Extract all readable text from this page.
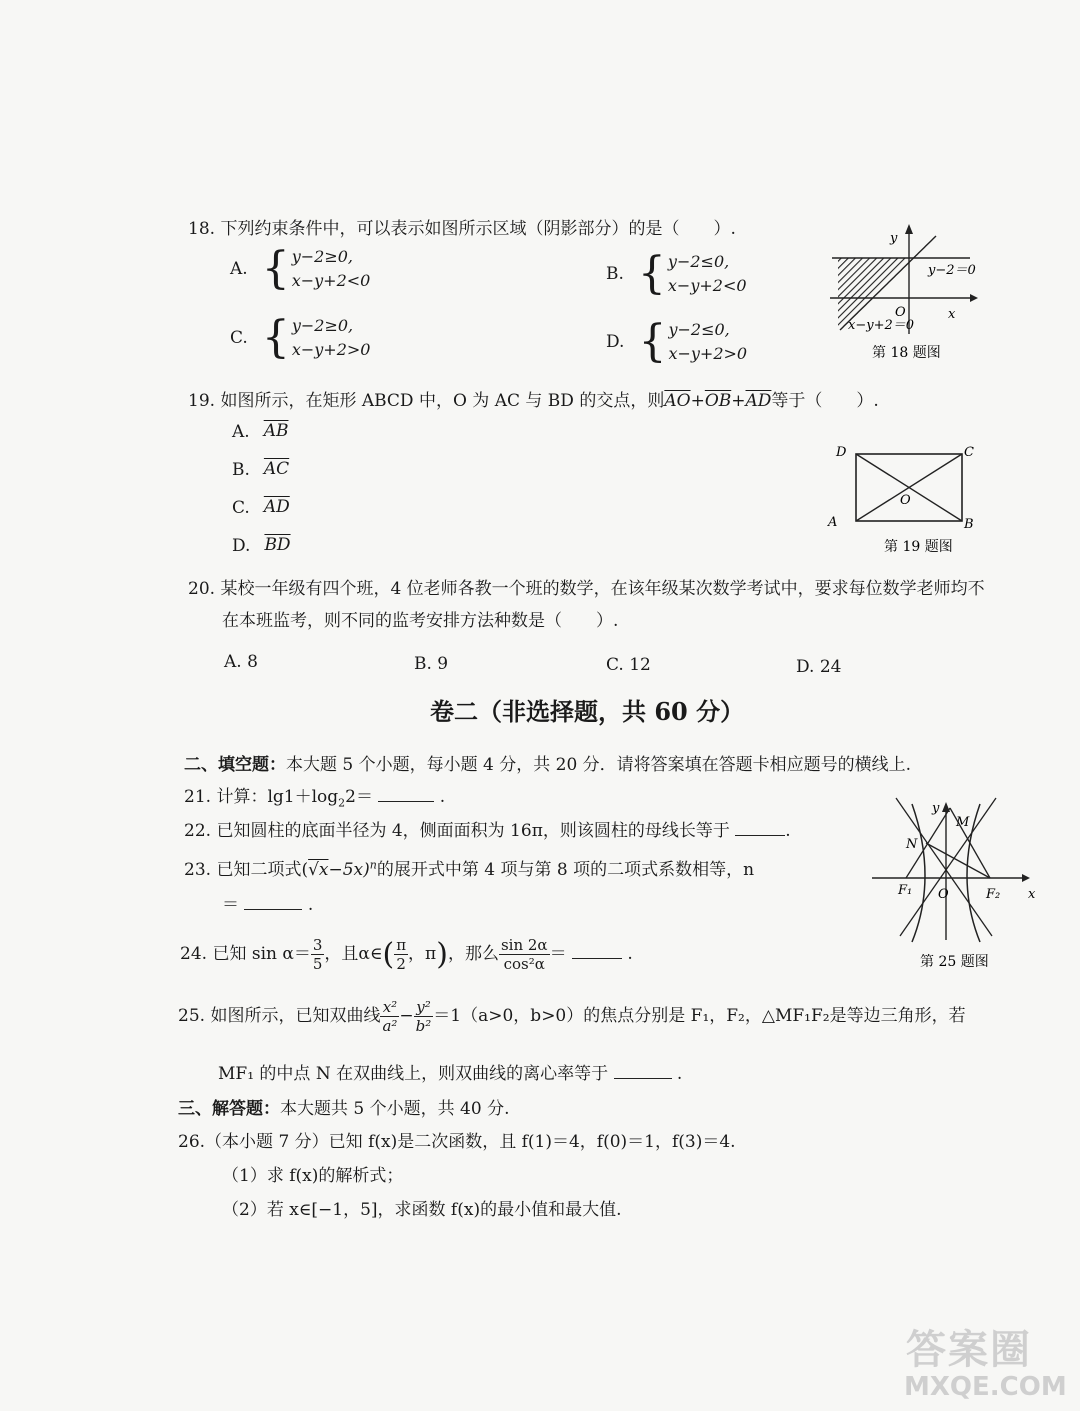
18. 下列约束条件中，可以表示如图所示区域（阴影部分）的是（　　）.
A. { y−2≥0,
x−y+2<0	B. { y−2≤0,
x−y+2<0
C. { y−2≥0,
x−y+2>0	D. { y−2≤0,
x−y+2>0
y
x
O
y−2＝0
x−y+2＝0
第 18 题图
19. 如图所示，在矩形 ABCD 中，O 为 AC 与 BD 的交点，则$\overline{AO}+\overline{OB}+\overline{AD}$等于（　　）.
A. $\overline{AB}$
B. $\overline{AC}$
C. $\overline{AD}$
D. $\overline{BD}$
D	C
A	B
O
第 19 题图
20. 某校一年级有四个班，4 位老师各教一个班的数学，在该年级某次数学考试中，要求每位数学老师均不
在本班监考，则不同的监考安排方法种数是（　　）.
A. 8	B. 9	C. 12	D. 24
卷二（非选择题，共 60 分）
二、填空题：本大题 5 个小题，每小题 4 分，共 20 分．请将答案填在答题卡相应题号的横线上.
21. 计算：$\lg 1+\log_22=$	.
22. 已知圆柱的底面半径为 4，侧面面积为 16π，则该圆柱的母线长等于	.
23. 已知二项式$(√x-5x)^n$的展开式中第 4 项与第 8 项的二项式系数相等，n
＝	.
24. 已知 $\sin \alpha= \frac{3}{5}$ ，且α∈( $\frac{\pi}{2}$ ，π)，那么 $\frac{\sin 2\alpha}{\text{cos²α}}$ ＝	.
25. 如图所示，已知双曲线 $\frac{\text{x²}}{\text{a²}} - \frac{\text{y²}}{\text{b²}} =1(a>0$，b>0）的焦点分别是 F₁，F₂，△MF₁F₂是等边三角形，若
MF₁ 的中点 N 在双曲线上，则双曲线的离心率等于	.
y
M
N
O
F₁	F₂ x
第 25 题图
三、解答题：本大题共 5 个小题，共 40 分.
26.（本小题 7 分）已知 f(x)是二次函数，且 f(1)＝4，f(0)＝1，f(3)＝4.
（1）求 f(x)的解析式；
（2）若 x∈[−1，5]，求函数 f(x)的最小值和最大值.
答案圈
MXQE.COM
